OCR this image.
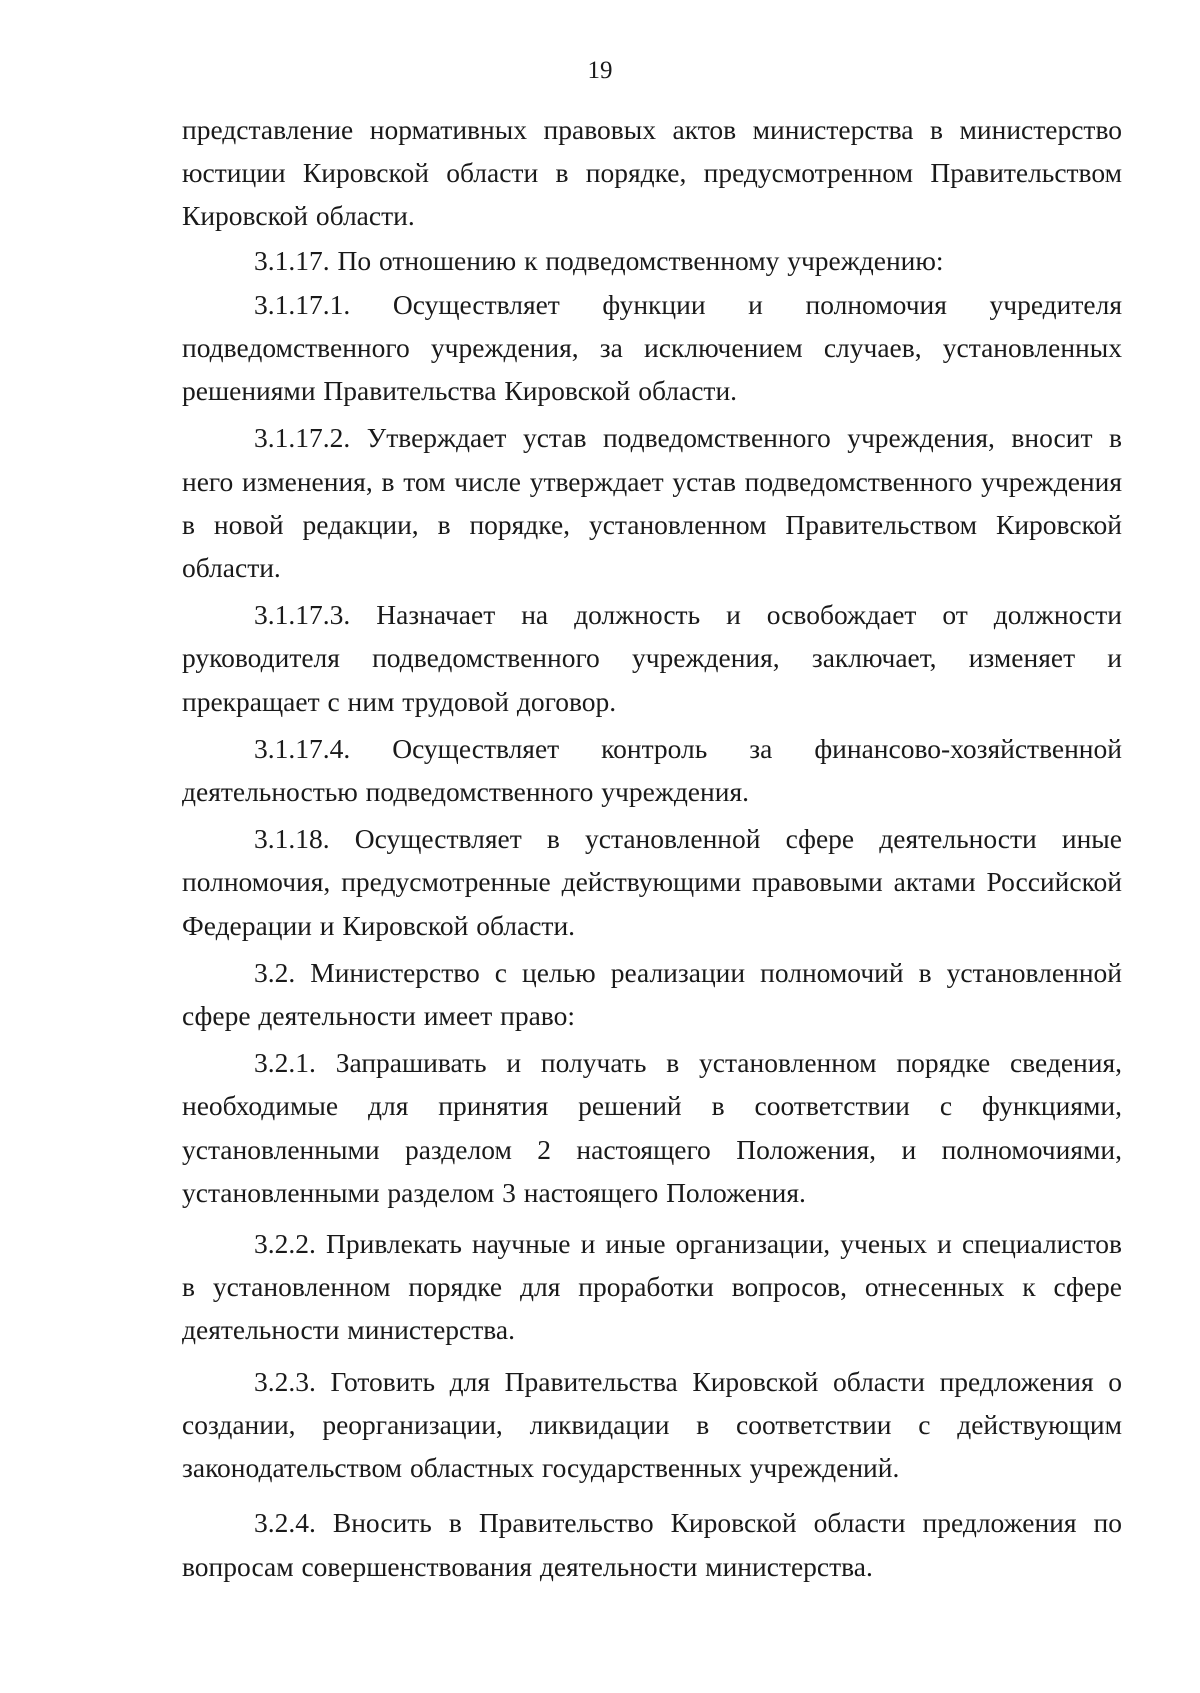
19

представление нормативных правовых актов министерства в министерство юстиции Кировской области в порядке, предусмотренном Правительством Кировской области.

3.1.17. По отношению к подведомственному учреждению:

3.1.17.1. Осуществляет функции и полномочия учредителя подведомственного учреждения, за исключением случаев, установленных решениями Правительства Кировской области.

3.1.17.2. Утверждает устав подведомственного учреждения, вносит в него изменения, в том числе утверждает устав подведомственного учреждения в новой редакции, в порядке, установленном Правительством Кировской области.

3.1.17.3. Назначает на должность и освобождает от должности руководителя подведомственного учреждения, заключает, изменяет и прекращает с ним трудовой договор.

3.1.17.4. Осуществляет контроль за финансово-хозяйственной деятельностью подведомственного учреждения.

3.1.18. Осуществляет в установленной сфере деятельности иные полномочия, предусмотренные действующими правовыми актами Российской Федерации и Кировской области.

3.2. Министерство с целью реализации полномочий в установленной сфере деятельности имеет право:

3.2.1. Запрашивать и получать в установленном порядке сведения, необходимые для принятия решений в соответствии с функциями, установленными разделом 2 настоящего Положения, и полномочиями, установленными разделом 3 настоящего Положения.

3.2.2. Привлекать научные и иные организации, ученых и специалистов в установленном порядке для проработки вопросов, отнесенных к сфере деятельности министерства.

3.2.3. Готовить для Правительства Кировской области предложения о создании, реорганизации, ликвидации в соответствии с действующим законодательством областных государственных учреждений.

3.2.4. Вносить в Правительство Кировской области предложения по вопросам совершенствования деятельности министерства.
